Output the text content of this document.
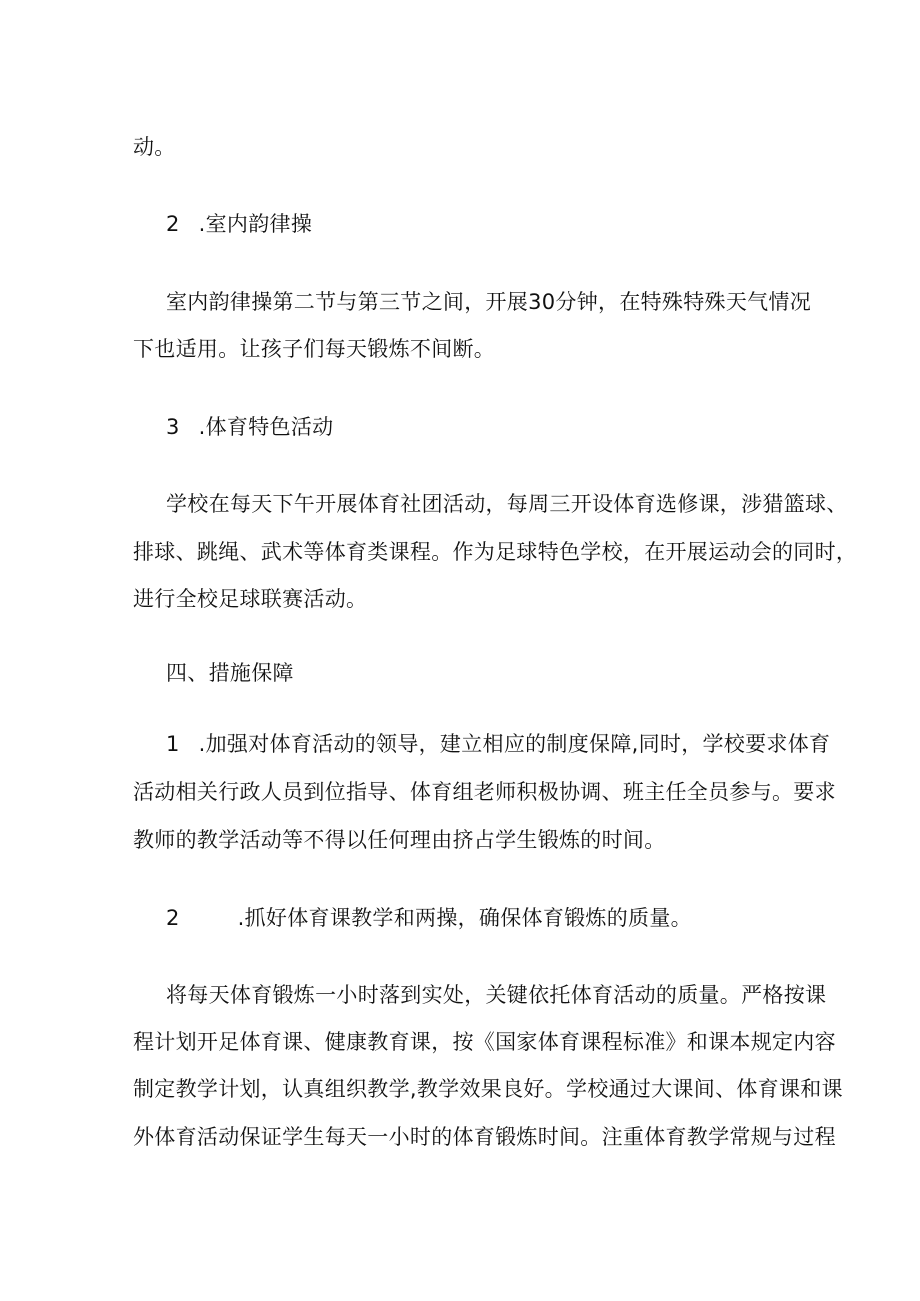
动。
2 .室内韵律操
室内韵律操第二节与第三节之间，开展30分钟，在特殊特殊天气情况
下也适用。让孩子们每天锻炼不间断。
3 .体育特色活动
学校在每天下午开展体育社团活动，每周三开设体育选修课，涉猎篮球、
排球、跳绳、武术等体育类课程。作为足球特色学校，在开展运动会的同时，
进行全校足球联赛活动。
四、措施保障
1 .加强对体育活动的领导，建立相应的制度保障,同时，学校要求体育
活动相关行政人员到位指导、体育组老师积极协调、班主任全员参与。要求
教师的教学活动等不得以任何理由挤占学生锻炼的时间。
2	.抓好体育课教学和两操，确保体育锻炼的质量。
将每天体育锻炼一小时落到实处，关键依托体育活动的质量。严格按课
程计划开足体育课、健康教育课，按《国家体育课程标准》和课本规定内容
制定教学计划，认真组织教学,教学效果良好。学校通过大课间、体育课和课
外体育活动保证学生每天一小时的体育锻炼时间。注重体育教学常规与过程
